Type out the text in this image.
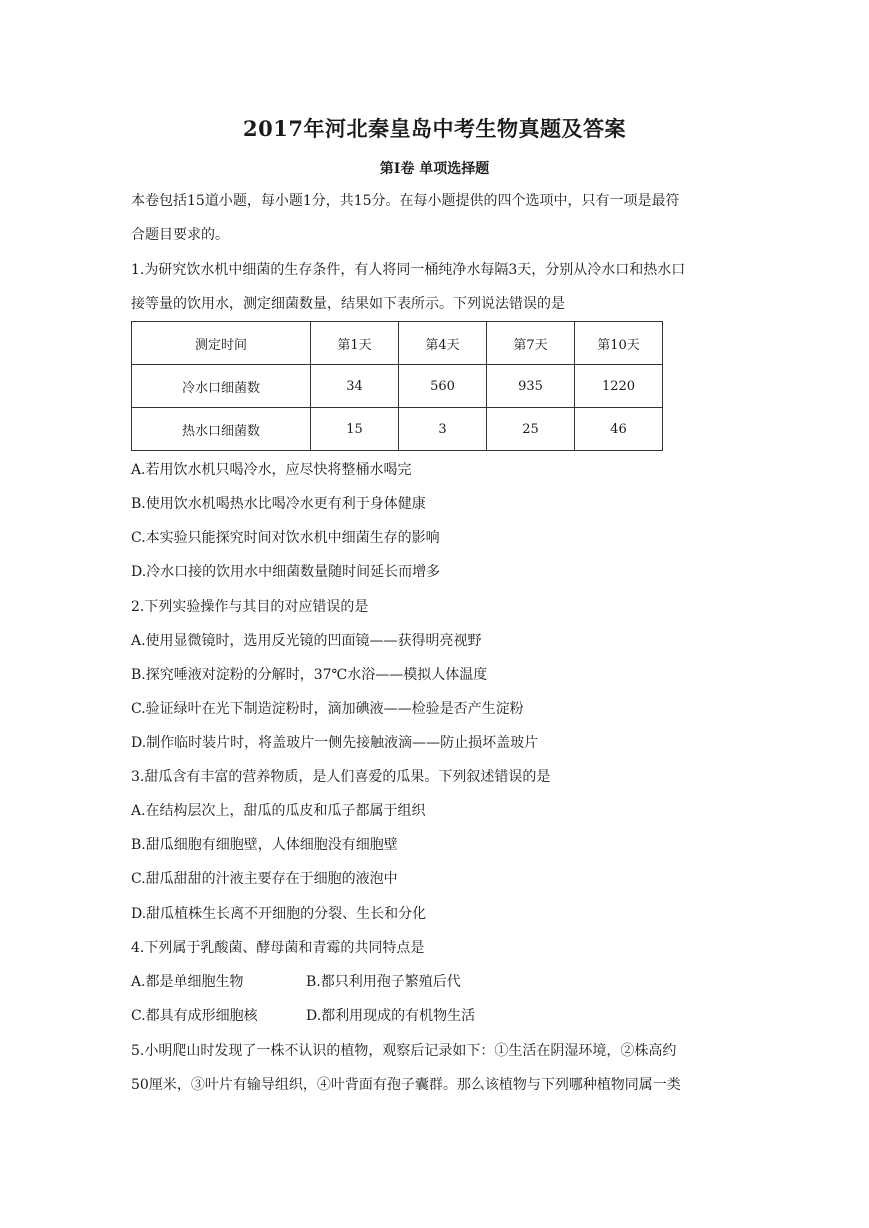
2017年河北秦皇岛中考生物真题及答案
第Ⅰ卷 单项选择题
本卷包括15道小题，每小题1分，共15分。在每小题提供的四个选项中，只有一项是最符
合题目要求的。
1.为研究饮水机中细菌的生存条件，有人将同一桶纯净水每隔3天，分别从冷水口和热水口
接等量的饮用水，测定细菌数量，结果如下表所示。下列说法错误的是
测定时间	第1天	第4天	第7天	第10天
冷水口细菌数	34	560	935	1220
热水口细菌数	15	3	25	46
A.若用饮水机只喝冷水，应尽快将整桶水喝完
B.使用饮水机喝热水比喝冷水更有利于身体健康
C.本实验只能探究时间对饮水机中细菌生存的影响
D.冷水口接的饮用水中细菌数量随时间延长而增多
2.下列实验操作与其目的对应错误的是
A.使用显微镜时，选用反光镜的凹面镜——获得明亮视野
B.探究唾液对淀粉的分解时，37℃水浴——模拟人体温度
C.验证绿叶在光下制造淀粉时，滴加碘液——检验是否产生淀粉
D.制作临时装片时，将盖玻片一侧先接触液滴——防止损坏盖玻片
3.甜瓜含有丰富的营养物质，是人们喜爱的瓜果。下列叙述错误的是
A.在结构层次上，甜瓜的瓜皮和瓜子都属于组织
B.甜瓜细胞有细胞壁，人体细胞没有细胞壁
C.甜瓜甜甜的汁液主要存在于细胞的液泡中
D.甜瓜植株生长离不开细胞的分裂、生长和分化
4.下列属于乳酸菌、酵母菌和青霉的共同特点是
A.都是单细胞生物	B.都只利用孢子繁殖后代
C.都具有成形细胞核	D.都利用现成的有机物生活
5.小明爬山时发现了一株不认识的植物，观察后记录如下：①生活在阴湿环境，②株高约
50厘米，③叶片有输导组织，④叶背面有孢子囊群。那么该植物与下列哪种植物同属一类
